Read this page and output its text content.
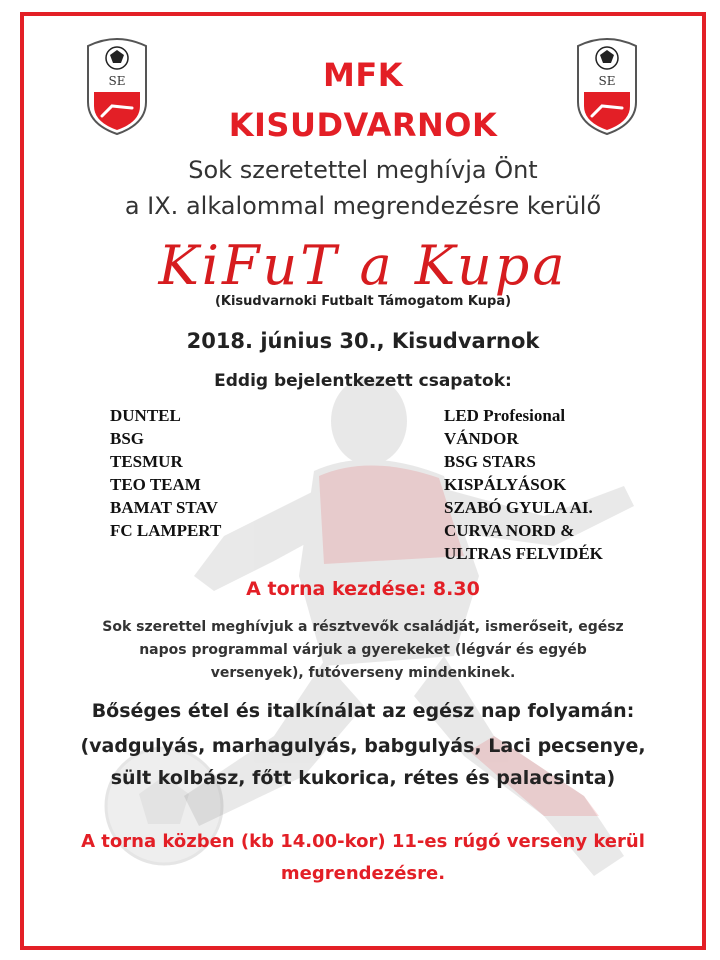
SE	SE
MFK
KISUDVARNOK
Sok szeretettel meghívja Önt
a IX. alkalommal megrendezésre kerülő
KiFuT a Kupa
(Kisudvarnoki Futbalt Támogatom Kupa)
2018. június 30., Kisudvarnok
Eddig bejelentkezett csapatok:
DUNTEL
BSG
TESMUR
TEO TEAM
BAMAT STAV
FC LAMPERT
LED Profesional
VÁNDOR
BSG STARS
KISPÁLYÁSOK
SZABÓ GYULA AI.
CURVA NORD &
ULTRAS FELVIDÉK
A torna kezdése: 8.30

Sok szerettel meghívjuk a résztvevők családját, ismerőseit, egész napos programmal várjuk a gyerekeket (légvár és egyéb versenyek), futóverseny mindenkinek.

Bőséges étel és italkínálat az egész nap folyamán:

(vadgulyás, marhagulyás, babgulyás, Laci pecsenye, sült kolbász, főtt kukorica, rétes és palacsinta)

A torna közben (kb 14.00-kor) 11-es rúgó verseny kerül megrendezésre.
